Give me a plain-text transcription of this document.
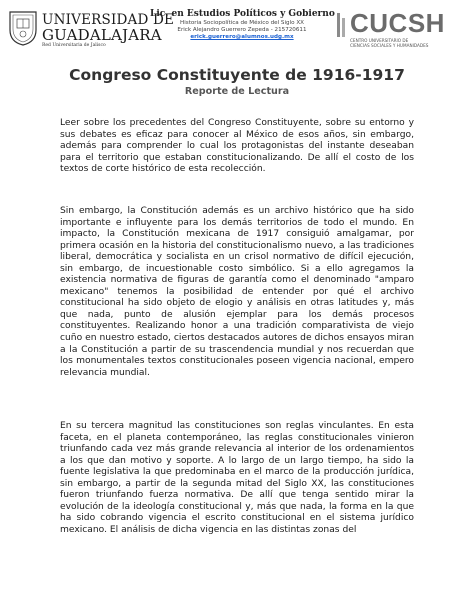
UNIVERSIDAD DE
GUADALAJARA
Red Universitaria de Jalisco
Lic. en Estudios Políticos y Gobierno
Historia Sociopolítica de México del Siglo XX
Erick Alejandro Guerrero Zepeda - 215720611
erick.guerrero@alumnos.udg.mx	CUCSH
CENTRO UNIVERSITARIO DE
CIENCIAS SOCIALES Y HUMANIDADES
Congreso Constituyente de 1916-1917
Reporte de Lectura

Leer sobre los precedentes del Congreso Constituyente, sobre su entorno y sus debates es eficaz para conocer al México de esos años, sin embargo, además para comprender lo cual los protagonistas del instante deseaban para el territorio que estaban constitucionalizando. De allí el costo de los textos de corte histórico de esta recolección.

Sin embargo, la Constitución además es un archivo histórico que ha sido importante e influyente para los demás territorios de todo el mundo. En impacto, la Constitución mexicana de 1917 consiguió amalgamar, por primera ocasión en la historia del constitucionalismo nuevo, a las tradiciones liberal, democrática y socialista en un crisol normativo de difícil ejecución, sin embargo, de incuestionable costo simbólico. Si a ello agregamos la existencia normativa de figuras de garantía como el denominado "amparo mexicano" tenemos la posibilidad de entender por qué el archivo constitucional ha sido objeto de elogio y análisis en otras latitudes y, más que nada, punto de alusión ejemplar para los demás procesos constituyentes. Realizando honor a una tradición comparativista de viejo cuño en nuestro estado, ciertos destacados autores de dichos ensayos miran a la Constitución a partir de su trascendencia mundial y nos recuerdan que los monumentales textos constitucionales poseen vigencia nacional, empero relevancia mundial.

En su tercera magnitud las constituciones son reglas vinculantes. En esta faceta, en el planeta contemporáneo, las reglas constitucionales vinieron triunfando cada vez más grande relevancia al interior de los ordenamientos a los que dan motivo y soporte. A lo largo de un largo tiempo, ha sido la fuente legislativa la que predominaba en el marco de la producción jurídica, sin embargo, a partir de la segunda mitad del Siglo XX, las constituciones fueron triunfando fuerza normativa. De allí que tenga sentido mirar la evolución de la ideología constitucional y, más que nada, la forma en la que ha sido cobrando vigencia el escrito constitucional en el sistema jurídico mexicano. El análisis de dicha vigencia en las distintas zonas del
